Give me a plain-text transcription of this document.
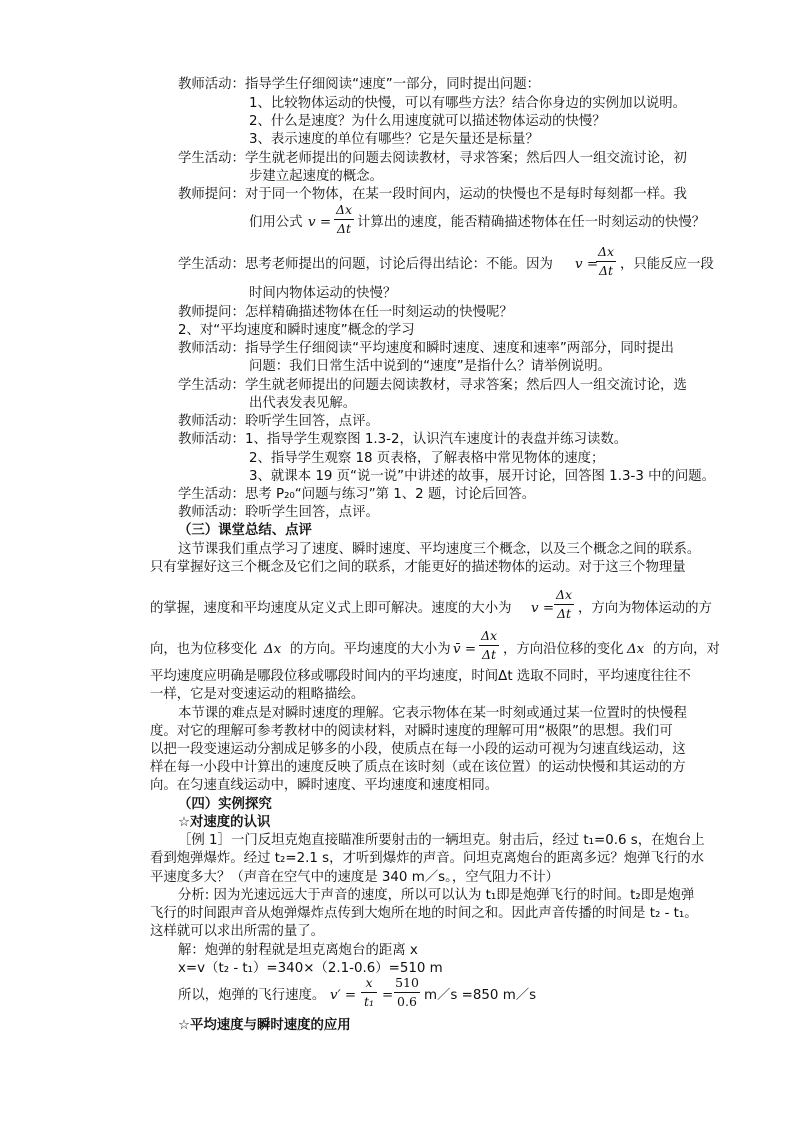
教师活动：指导学生仔细阅读“速度”一部分，同时提出问题：
1、比较物体运动的快慢，可以有哪些方法？结合你身边的实例加以说明。
2、什么是速度？为什么用速度就可以描述物体运动的快慢？
3、表示速度的单位有哪些？它是矢量还是标量？
学生活动：学生就老师提出的问题去阅读教材，寻求答案；然后四人一组交流讨论，初
步建立起速度的概念。
教师提问：对于同一个物体，在某一段时间内，运动的快慢也不是每时每刻都一样。我
们用公式 v =
Δx
Δt 计算出的速度，能否精确描述物体在任一时刻运动的快慢？
学生活动：思考老师提出的问题，讨论后得出结论：不能。因为 v =
Δx
Δt ，只能反应一段
时间内物体运动的快慢？
教师提问：怎样精确描述物体在任一时刻运动的快慢呢？
2、对“平均速度和瞬时速度”概念的学习
教师活动：指导学生仔细阅读“平均速度和瞬时速度、速度和速率”两部分，同时提出
问题：我们日常生活中说到的“速度”是指什么？请举例说明。
学生活动：学生就老师提出的问题去阅读教材，寻求答案；然后四人一组交流讨论，选
出代表发表见解。
教师活动：聆听学生回答，点评。
教师活动：1、指导学生观察图 1.3-2，认识汽车速度计的表盘并练习读数。
2、指导学生观察 18 页表格，了解表格中常见物体的速度；
3、就课本 19 页“说一说”中讲述的故事，展开讨论，回答图 1.3-3 中的问题。
学生活动：思考 P₂₀“问题与练习”第 1、2 题，讨论后回答。
教师活动：聆听学生回答，点评。
（三）课堂总结、点评
这节课我们重点学习了速度、瞬时速度、平均速度三个概念，以及三个概念之间的联系。
只有掌握好这三个概念及它们之间的联系，才能更好的描述物体的运动。对于这三个物理量
的掌握，速度和平均速度从定义式上即可解决。速度的大小为 v =
Δx
Δt ，方向为物体运动的方
向，也为位移变化 Δx 的方向。平均速度的大小为 v̄ =
Δx
Δt ，方向沿位移的变化 Δx 的方向，对
平均速度应明确是哪段位移或哪段时间内的平均速度，时间Δt 选取不同时，平均速度往往不
一样，它是对变速运动的粗略描绘。
本节课的难点是对瞬时速度的理解。它表示物体在某一时刻或通过某一位置时的快慢程
度。对它的理解可参考教材中的阅读材料，对瞬时速度的理解可用“极限”的思想。我们可
以把一段变速运动分割成足够多的小段，使质点在每一小段的运动可视为匀速直线运动，这
样在每一小段中计算出的速度反映了质点在该时刻（或在该位置）的运动快慢和其运动的方
向。在匀速直线运动中，瞬时速度、平均速度和速度相同。
（四）实例探究
☆对速度的认识
［例 1］一门反坦克炮直接瞄准所要射击的一辆坦克。射击后，经过 t₁=0.6 s，在炮台上
看到炮弹爆炸。经过 t₂=2.1 s，才听到爆炸的声音。问坦克离炮台的距离多远？炮弹飞行的水
平速度多大？（声音在空气中的速度是 340 m／s。，空气阻力不计）
分析: 因为光速远远大于声音的速度，所以可以认为 t₁即是炮弹飞行的时间。t₂即是炮弹
飞行的时间跟声音从炮弹爆炸点传到大炮所在地的时间之和。因此声音传播的时间是 t₂ - t₁。
这样就可以求出所需的量了。
解：炮弹的射程就是坦克离炮台的距离 x
x=v（t₂ - t₁）=340×（2.1-0.6）=510 m
所以，炮弹的飞行速度。 v′ =
x
t₁ =
510
0.6 m／s =850 m／s
☆平均速度与瞬时速度的应用
